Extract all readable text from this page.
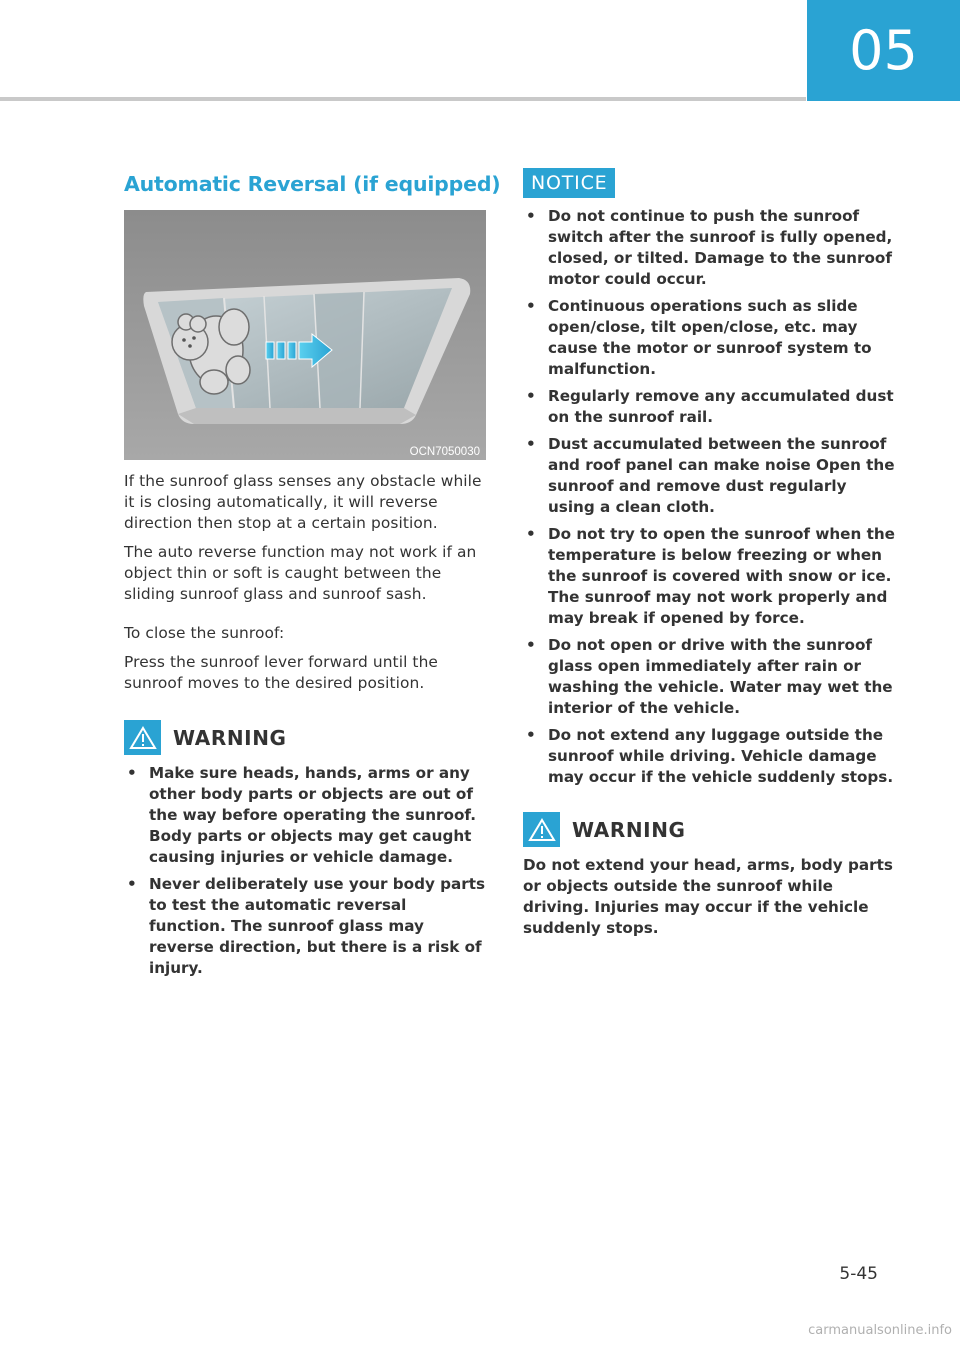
05
Automatic Reversal (if equipped)
OCN7050030

If the sunroof glass senses any obstacle while it is closing automatically, it will reverse direction then stop at a certain position.

The auto reverse function may not work if an object thin or soft is caught between the sliding sunroof glass and sunroof sash.

To close the sunroof:

Press the sunroof lever forward until the sunroof moves to the desired position.

WARNING
• Make sure heads, hands, arms or any other body parts or objects are out of the way before operating the sunroof. Body parts or objects may get caught causing injuries or vehicle damage.
• Never deliberately use your body parts to test the automatic reversal function. The sunroof glass may reverse direction, but there is a risk of injury.
NOTICE
• Do not continue to push the sunroof switch after the sunroof is fully opened, closed, or tilted. Damage to the sunroof motor could occur.
• Continuous operations such as slide open/close, tilt open/close, etc. may cause the motor or sunroof system to malfunction.
• Regularly remove any accumulated dust on the sunroof rail.
• Dust accumulated between the sunroof and roof panel can make noise Open the sunroof and remove dust regularly using a clean cloth.
• Do not try to open the sunroof when the temperature is below freezing or when the sunroof is covered with snow or ice. The sunroof may not work properly and may break if opened by force.
• Do not open or drive with the sunroof glass open immediately after rain or washing the vehicle. Water may wet the interior of the vehicle.
• Do not extend any luggage outside the sunroof while driving. Vehicle damage may occur if the vehicle suddenly stops.
WARNING

Do not extend your head, arms, body parts or objects outside the sunroof while driving. Injuries may occur if the vehicle suddenly stops.

5-45
carmanualsonline.info
